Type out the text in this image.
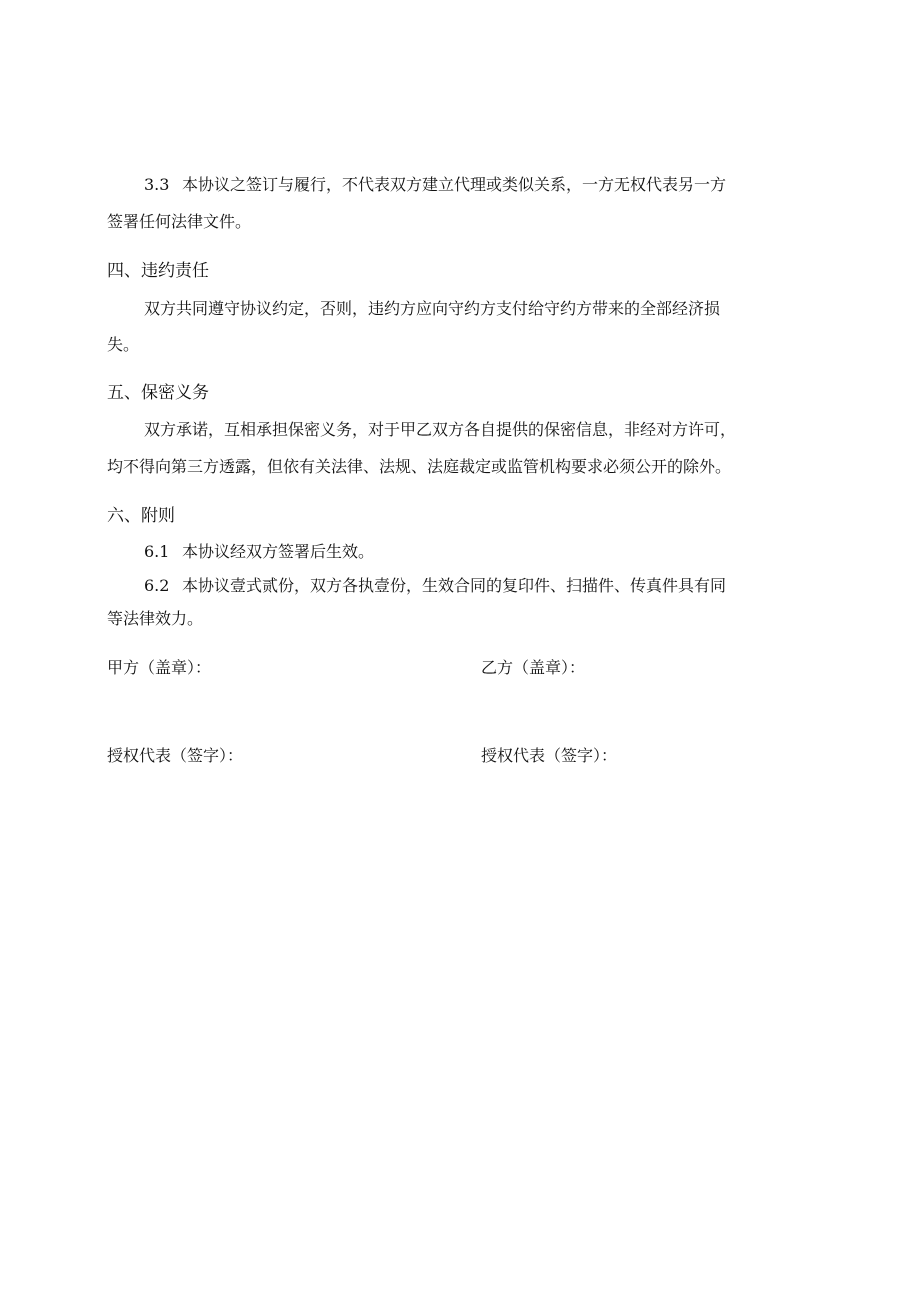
3.3 本协议之签订与履行，不代表双方建立代理或类似关系，一方无权代表另一方
签署任何法律文件。
四、违约责任
双方共同遵守协议约定，否则，违约方应向守约方支付给守约方带来的全部经济损
失。
五、保密义务
双方承诺，互相承担保密义务，对于甲乙双方各自提供的保密信息，非经对方许可，
均不得向第三方透露，但依有关法律、法规、法庭裁定或监管机构要求必须公开的除外。
六、附则
6.1 本协议经双方签署后生效。
6.2 本协议壹式贰份，双方各执壹份，生效合同的复印件、扫描件、传真件具有同
等法律效力。
甲方（盖章）：	乙方（盖章）：
授权代表（签字）：	授权代表（签字）：
